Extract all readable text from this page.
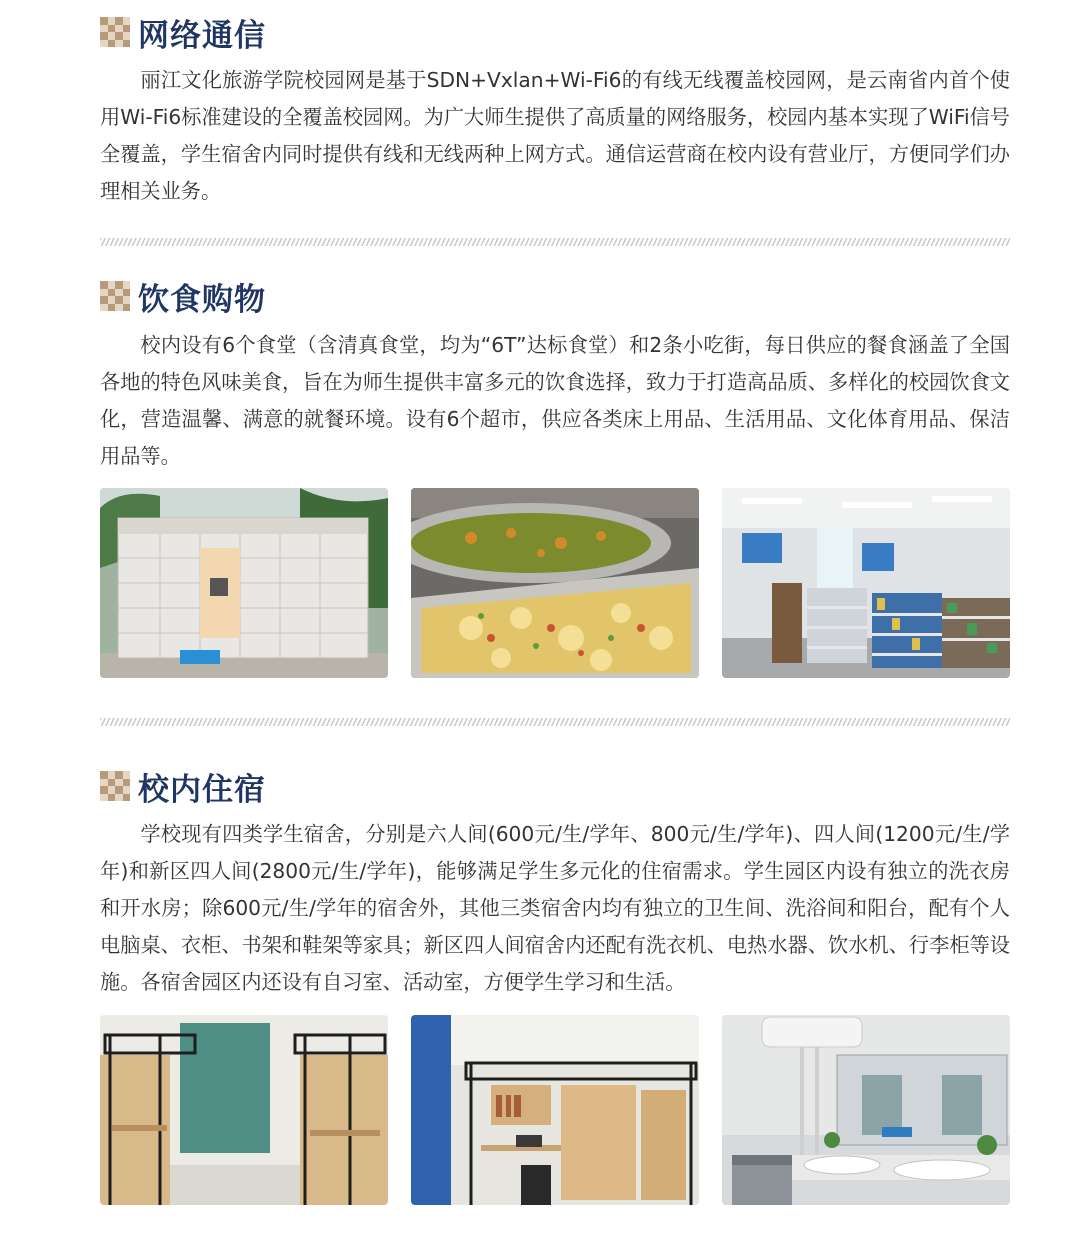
网络通信

丽江文化旅游学院校园网是基于SDN+Vxlan+Wi-Fi6的有线无线覆盖校园网，是云南省内首个使用Wi-Fi6标准建设的全覆盖校园网。为广大师生提供了高质量的网络服务，校园内基本实现了WiFi信号全覆盖，学生宿舍内同时提供有线和无线两种上网方式。通信运营商在校内设有营业厅，方便同学们办理相关业务。

饮食购物

校内设有6个食堂（含清真食堂，均为“6T”达标食堂）和2条小吃街，每日供应的餐食涵盖了全国各地的特色风味美食，旨在为师生提供丰富多元的饮食选择，致力于打造高品质、多样化的校园饮食文化，营造温馨、满意的就餐环境。设有6个超市，供应各类床上用品、生活用品、文化体育用品、保洁用品等。

校内住宿

学校现有四类学生宿舍，分别是六人间(600元/生/学年、800元/生/学年)、四人间(1200元/生/学年)和新区四人间(2800元/生/学年)，能够满足学生多元化的住宿需求。学生园区内设有独立的洗衣房和开水房；除600元/生/学年的宿舍外，其他三类宿舍内均有独立的卫生间、洗浴间和阳台，配有个人电脑桌、衣柜、书架和鞋架等家具；新区四人间宿舍内还配有洗衣机、电热水器、饮水机、行李柜等设施。各宿舍园区内还设有自习室、活动室，方便学生学习和生活。
